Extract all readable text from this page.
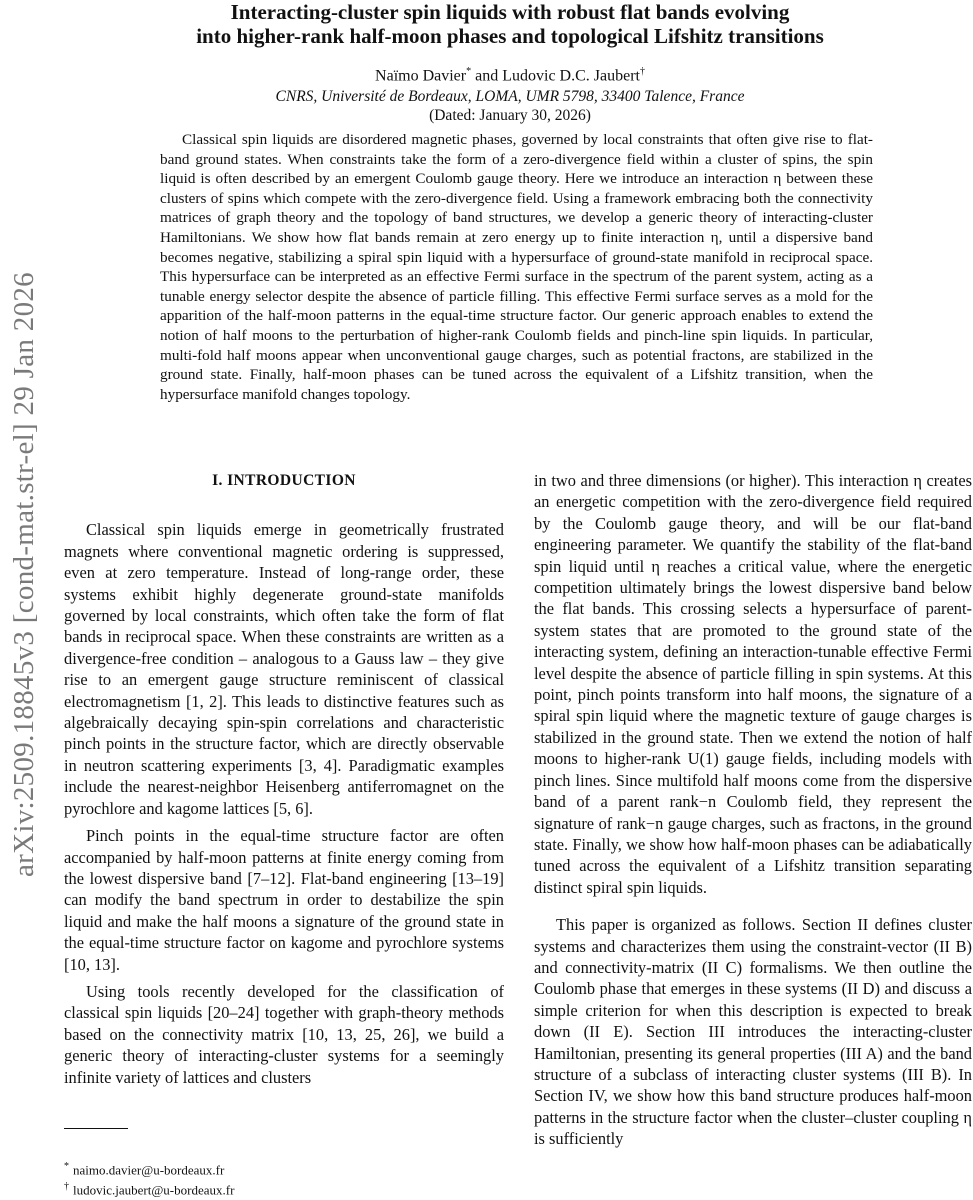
arXiv:2509.18845v3 [cond-mat.str-el] 29 Jan 2026
Interacting-cluster spin liquids with robust flat bands evolving
into higher-rank half-moon phases and topological Lifshitz transitions
Naïmo Davier* and Ludovic D.C. Jaubert†
CNRS, Université de Bordeaux, LOMA, UMR 5798, 33400 Talence, France
(Dated: January 30, 2026)

Classical spin liquids are disordered magnetic phases, governed by local constraints that often give rise to flat-band ground states. When constraints take the form of a zero-divergence field within a cluster of spins, the spin liquid is often described by an emergent Coulomb gauge theory. Here we introduce an interaction η between these clusters of spins which compete with the zero-divergence field. Using a framework embracing both the connectivity matrices of graph theory and the topology of band structures, we develop a generic theory of interacting-cluster Hamiltonians. We show how flat bands remain at zero energy up to finite interaction η, until a dispersive band becomes negative, stabilizing a spiral spin liquid with a hypersurface of ground-state manifold in reciprocal space. This hypersurface can be interpreted as an effective Fermi surface in the spectrum of the parent system, acting as a tunable energy selector despite the absence of particle filling. This effective Fermi surface serves as a mold for the apparition of the half-moon patterns in the equal-time structure factor. Our generic approach enables to extend the notion of half moons to the perturbation of higher-rank Coulomb fields and pinch-line spin liquids. In particular, multi-fold half moons appear when unconventional gauge charges, such as potential fractons, are stabilized in the ground state. Finally, half-moon phases can be tuned across the equivalent of a Lifshitz transition, when the hypersurface manifold changes topology.

I. INTRODUCTION

Classical spin liquids emerge in geometrically frustrated magnets where conventional magnetic ordering is suppressed, even at zero temperature. Instead of long-range order, these systems exhibit highly degenerate ground-state manifolds governed by local constraints, which often take the form of flat bands in reciprocal space. When these constraints are written as a divergence-free condition – analogous to a Gauss law – they give rise to an emergent gauge structure reminiscent of classical electromagnetism [1, 2]. This leads to distinctive features such as algebraically decaying spin-spin correlations and characteristic pinch points in the structure factor, which are directly observable in neutron scattering experiments [3, 4]. Paradigmatic examples include the nearest-neighbor Heisenberg antiferromagnet on the pyrochlore and kagome lattices [5, 6].

Pinch points in the equal-time structure factor are often accompanied by half-moon patterns at finite energy coming from the lowest dispersive band [7–12]. Flat-band engineering [13–19] can modify the band spectrum in order to destabilize the spin liquid and make the half moons a signature of the ground state in the equal-time structure factor on kagome and pyrochlore systems [10, 13].

Using tools recently developed for the classification of classical spin liquids [20–24] together with graph-theory methods based on the connectivity matrix [10, 13, 25, 26], we build a generic theory of interacting-cluster systems for a seemingly infinite variety of lattices and clusters

in two and three dimensions (or higher). This interaction η creates an energetic competition with the zero-divergence field required by the Coulomb gauge theory, and will be our flat-band engineering parameter. We quantify the stability of the flat-band spin liquid until η reaches a critical value, where the energetic competition ultimately brings the lowest dispersive band below the flat bands. This crossing selects a hypersurface of parent-system states that are promoted to the ground state of the interacting system, defining an interaction-tunable effective Fermi level despite the absence of particle filling in spin systems. At this point, pinch points transform into half moons, the signature of a spiral spin liquid where the magnetic texture of gauge charges is stabilized in the ground state. Then we extend the notion of half moons to higher-rank U(1) gauge fields, including models with pinch lines. Since multifold half moons come from the dispersive band of a parent rank−n Coulomb field, they represent the signature of rank−n gauge charges, such as fractons, in the ground state. Finally, we show how half-moon phases can be adiabatically tuned across the equivalent of a Lifshitz transition separating distinct spiral spin liquids.

This paper is organized as follows. Section II defines cluster systems and characterizes them using the constraint-vector (II B) and connectivity-matrix (II C) formalisms. We then outline the Coulomb phase that emerges in these systems (II D) and discuss a simple criterion for when this description is expected to break down (II E). Section III introduces the interacting-cluster Hamiltonian, presenting its general properties (III A) and the band structure of a subclass of interacting cluster systems (III B). In Section IV, we show how this band structure produces half-moon patterns in the structure factor when the cluster–cluster coupling η is sufficiently

* naimo.davier@u-bordeaux.fr

† ludovic.jaubert@u-bordeaux.fr
